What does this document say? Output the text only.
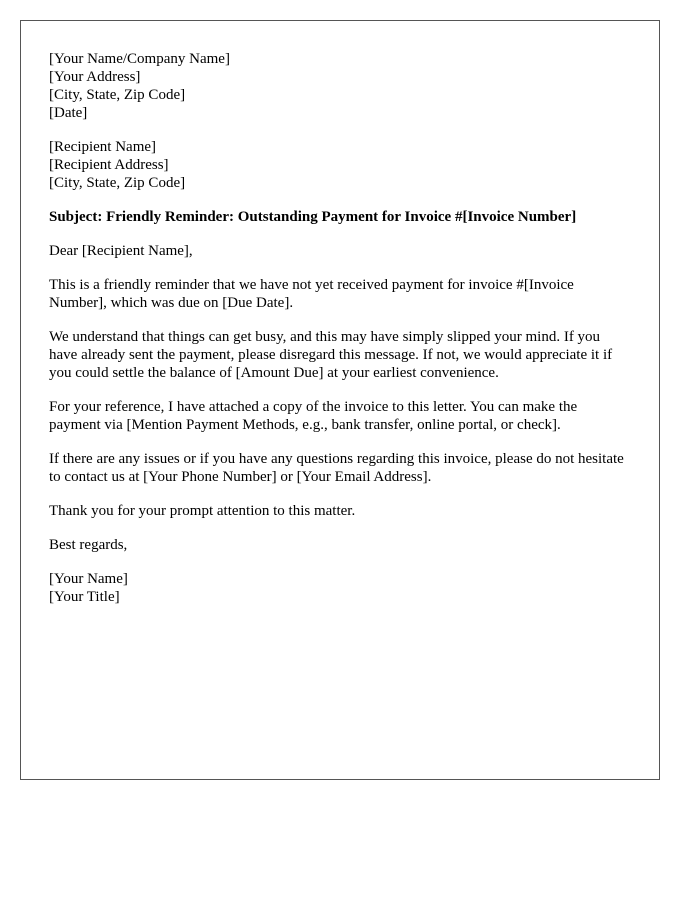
[Your Name/Company Name]
[Your Address]
[City, State, Zip Code]
[Date]
[Recipient Name]
[Recipient Address]
[City, State, Zip Code]
Subject: Friendly Reminder: Outstanding Payment for Invoice #[Invoice Number]

Dear [Recipient Name],

This is a friendly reminder that we have not yet received payment for invoice #[Invoice Number], which was due on [Due Date].

We understand that things can get busy, and this may have simply slipped your mind. If you have already sent the payment, please disregard this message. If not, we would appreciate it if you could settle the balance of [Amount Due] at your earliest convenience.

For your reference, I have attached a copy of the invoice to this letter. You can make the payment via [Mention Payment Methods, e.g., bank transfer, online portal, or check].

If there are any issues or if you have any questions regarding this invoice, please do not hesitate to contact us at [Your Phone Number] or [Your Email Address].

Thank you for your prompt attention to this matter.

Best regards,

[Your Name]
[Your Title]
